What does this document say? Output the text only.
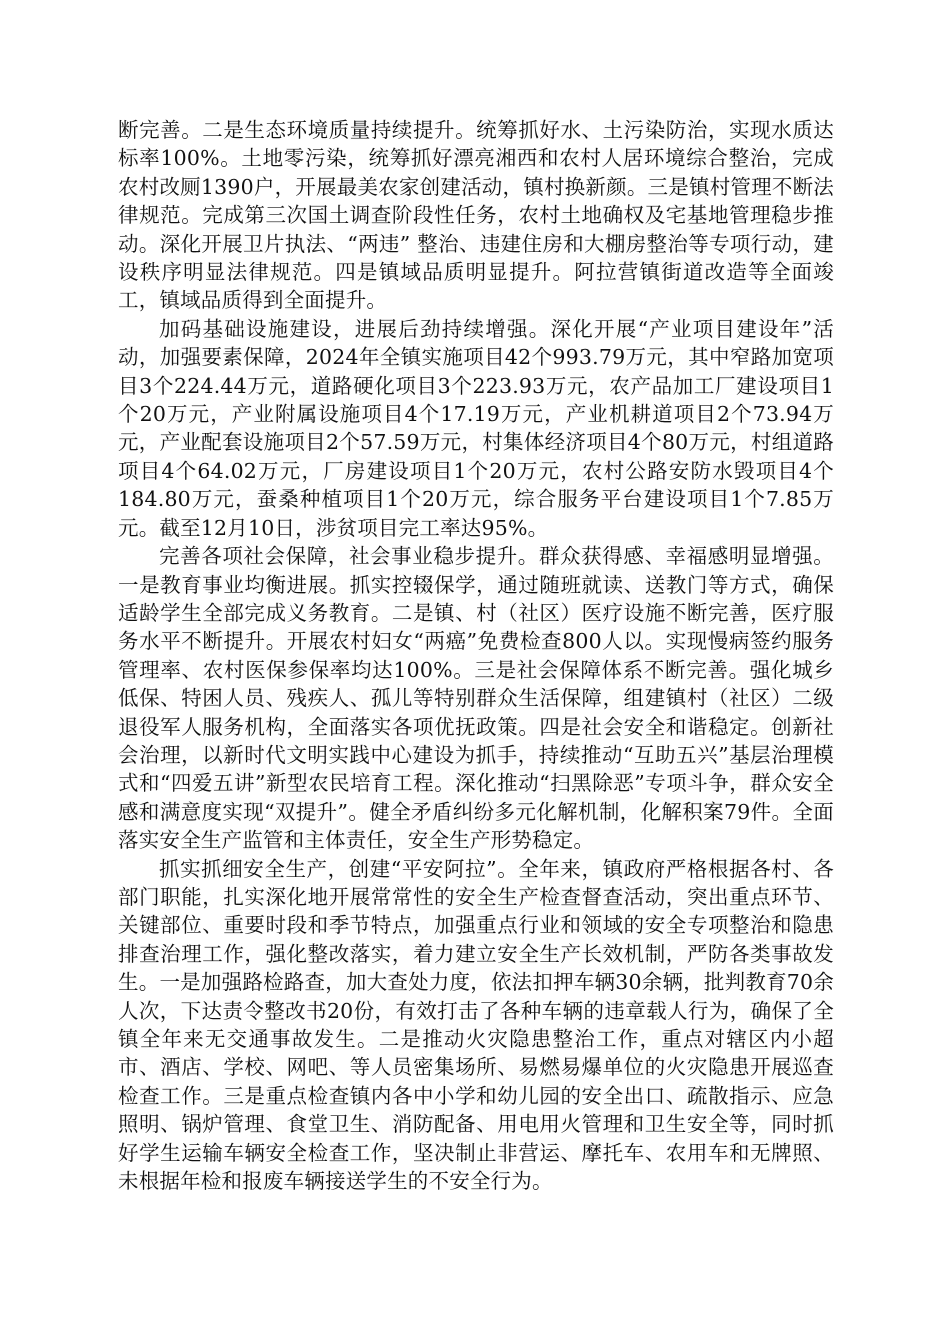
断完善。二是生态环境质量持续提升。统筹抓好水、土污染防治，实现水质达标率100%。土地零污染，统筹抓好漂亮湘西和农村人居环境综合整治，完成农村改厕1390户，开展最美农家创建活动，镇村换新颜。三是镇村管理不断法律规范。完成第三次国土调查阶段性任务，农村土地确权及宅基地管理稳步推动。深化开展卫片执法、“两违” 整治、违建住房和大棚房整治等专项行动，建设秩序明显法律规范。四是镇域品质明显提升。阿拉营镇街道改造等全面竣工，镇域品质得到全面提升。

加码基础设施建设，进展后劲持续增强。深化开展“产业项目建设年”活动，加强要素保障，2024年全镇实施项目42个993.79万元，其中窄路加宽项目3个224.44万元，道路硬化项目3个223.93万元，农产品加工厂建设项目1个20万元，产业附属设施项目4个17.19万元，产业机耕道项目2个73.94万元，产业配套设施项目2个57.59万元，村集体经济项目4个80万元，村组道路项目4个64.02万元，厂房建设项目1个20万元，农村公路安防水毁项目4个184.80万元，蚕桑种植项目1个20万元，综合服务平台建设项目1个7.85万元。截至12月10日，涉贫项目完工率达95%。

完善各项社会保障，社会事业稳步提升。群众获得感、幸福感明显增强。一是教育事业均衡进展。抓实控辍保学，通过随班就读、送教门等方式，确保适龄学生全部完成义务教育。二是镇、村（社区）医疗设施不断完善，医疗服务水平不断提升。开展农村妇女“两癌”免费检查800人以。实现慢病签约服务管理率、农村医保参保率均达100%。三是社会保障体系不断完善。强化城乡低保、特困人员、残疾人、孤儿等特别群众生活保障，组建镇村（社区）二级退役军人服务机构，全面落实各项优抚政策。四是社会安全和谐稳定。创新社会治理，以新时代文明实践中心建设为抓手，持续推动“互助五兴”基层治理模式和“四爱五讲”新型农民培育工程。深化推动“扫黑除恶”专项斗争，群众安全感和满意度实现“双提升”。健全矛盾纠纷多元化解机制，化解积案79件。全面落实安全生产监管和主体责任，安全生产形势稳定。

抓实抓细安全生产，创建“平安阿拉”。全年来，镇政府严格根据各村、各部门职能，扎实深化地开展常常性的安全生产检查督查活动，突出重点环节、关键部位、重要时段和季节特点，加强重点行业和领域的安全专项整治和隐患排查治理工作，强化整改落实，着力建立安全生产长效机制，严防各类事故发生。一是加强路检路查，加大查处力度，依法扣押车辆30余辆，批判教育70余人次，下达责令整改书20份，有效打击了各种车辆的违章载人行为，确保了全镇全年来无交通事故发生。二是推动火灾隐患整治工作，重点对辖区内小超市、酒店、学校、网吧、等人员密集场所、易燃易爆单位的火灾隐患开展巡查检查工作。三是重点检查镇内各中小学和幼儿园的安全出口、疏散指示、应急照明、锅炉管理、食堂卫生、消防配备、用电用火管理和卫生安全等，同时抓好学生运输车辆安全检查工作，坚决制止非营运、摩托车、农用车和无牌照、未根据年检和报废车辆接送学生的不安全行为。
